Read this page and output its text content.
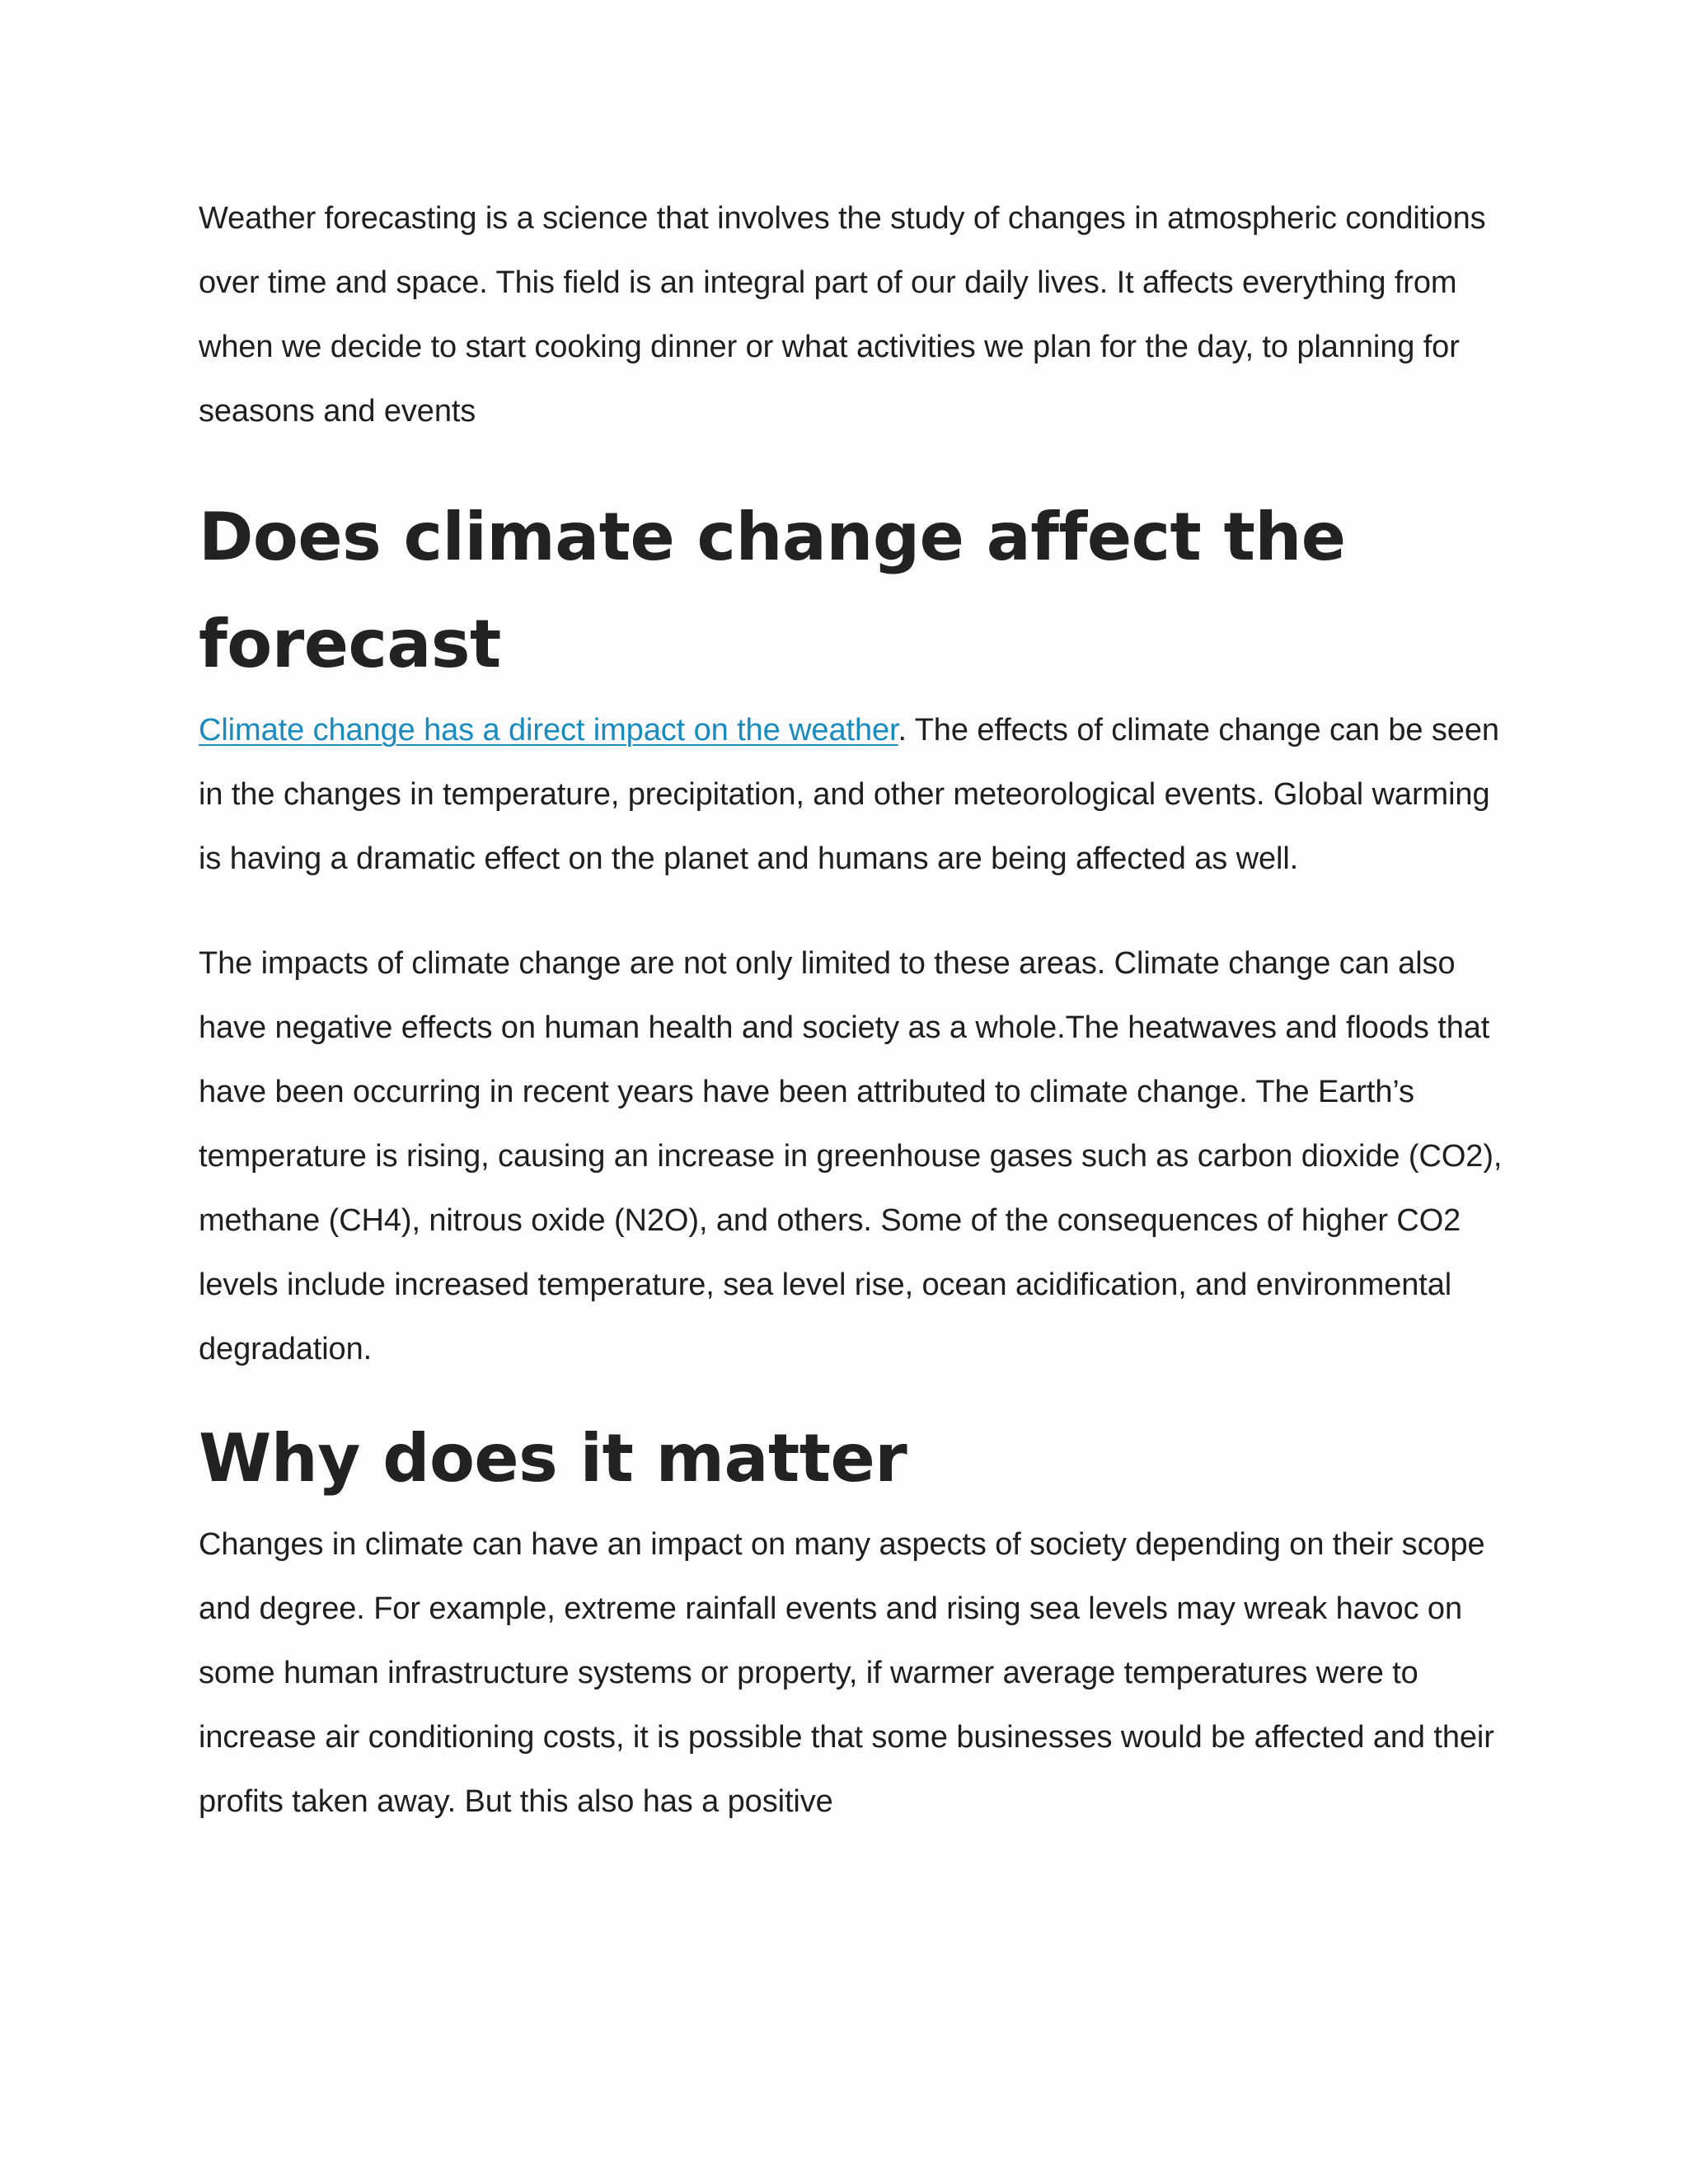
Weather forecasting is a science that involves the study of changes in atmospheric conditions over time and space. This field is an integral part of our daily lives. It affects everything from when we decide to start cooking dinner or what activities we plan for the day, to planning for seasons and events

Does climate change affect the forecast

Climate change has a direct impact on the weather. The effects of climate change can be seen in the changes in temperature, precipitation, and other meteorological events. Global warming is having a dramatic effect on the planet and humans are being affected as well.

The impacts of climate change are not only limited to these areas. Climate change can also have negative effects on human health and society as a whole.The heatwaves and floods that have been occurring in recent years have been attributed to climate change. The Earth’s temperature is rising, causing an increase in greenhouse gases such as carbon dioxide (CO2), methane (CH4), nitrous oxide (N2O), and others. Some of the consequences of higher CO2 levels include increased temperature, sea level rise, ocean acidification, and environmental degradation.

Why does it matter

Changes in climate can have an impact on many aspects of society depending on their scope and degree. For example, extreme rainfall events and rising sea levels may wreak havoc on some human infrastructure systems or property, if warmer average temperatures were to increase air conditioning costs, it is possible that some businesses would be affected and their profits taken away. But this also has a positive
